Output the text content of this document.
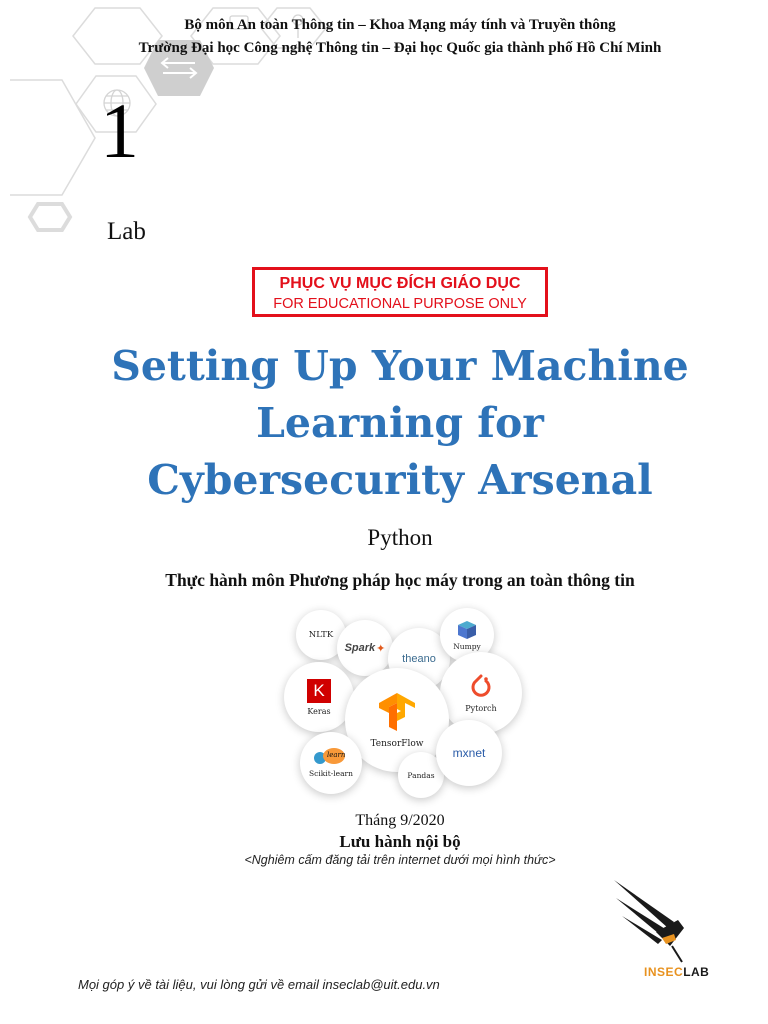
Bộ môn An toàn Thông tin – Khoa Mạng máy tính và Truyền thông
Trường Đại học Công nghệ Thông tin – Đại học Quốc gia thành phố Hồ Chí Minh
1
Lab
PHỤC VỤ MỤC ĐÍCH GIÁO DỤC
FOR EDUCATIONAL PURPOSE ONLY
Setting Up Your Machine
Learning for
Cybersecurity Arsenal
Python
Thực hành môn Phương pháp học máy trong an toàn thông tin
NLTK
Spark ✦
theano
Numpy
K
Keras	Pytorch
TensorFlow
learn
Scikit-learn	Pandas
mxnet
Tháng 9/2020
Lưu hành nội bộ
<Nghiêm cấm đăng tải trên internet dưới mọi hình thức>
INSECLAB
Mọi góp ý về tài liệu, vui lòng gửi về email inseclab@uit.edu.vn
